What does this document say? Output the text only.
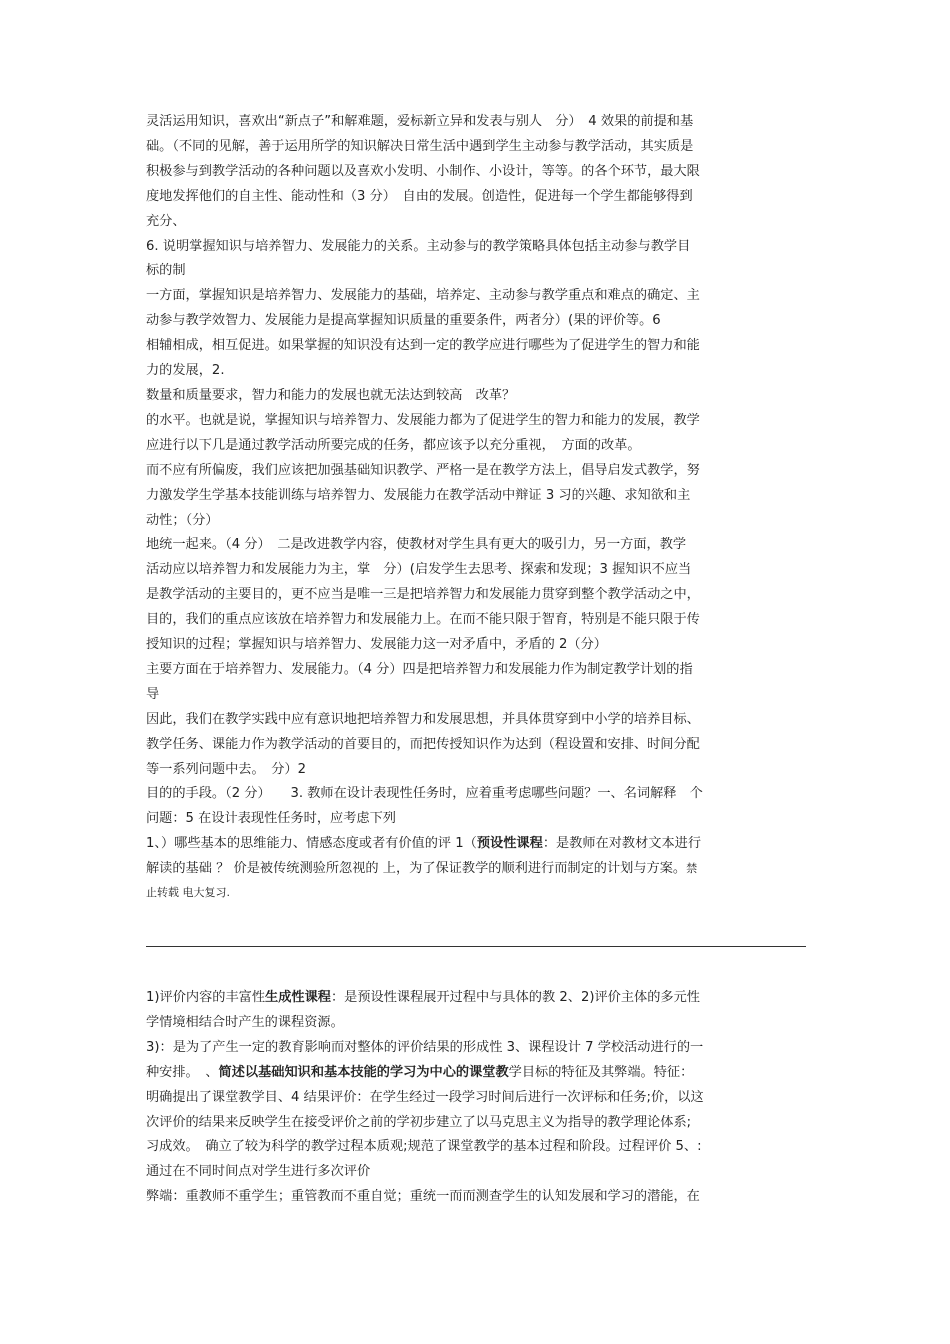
灵活运用知识，喜欢出“新点子”和解难题，爱标新立异和发表与别人　分）　4 效果的前提和基
础。（不同的见解，善于运用所学的知识解决日常生活中遇到学生主动参与教学活动，其实质是
积极参与到教学活动的各种问题以及喜欢小发明、小制作、小设计，等等。的各个环节，最大限
度地发挥他们的自主性、能动性和（3 分）　自由的发展。创造性，促进每一个学生都能够得到
充分、
6. 说明掌握知识与培养智力、发展能力的关系。主动参与的教学策略具体包括主动参与教学目
标的制
一方面，掌握知识是培养智力、发展能力的基础，培养定、主动参与教学重点和难点的确定、主
动参与教学效智力、发展能力是提高掌握知识质量的重要条件，两者分）(果的评价等。6
相辅相成，相互促进。如果掌握的知识没有达到一定的教学应进行哪些为了促进学生的智力和能
力的发展，2.
数量和质量要求，智力和能力的发展也就无法达到较高　改革？
的水平。也就是说，掌握知识与培养智力、发展能力都为了促进学生的智力和能力的发展，教学
应进行以下几是通过教学活动所要完成的任务，都应该予以充分重视，　方面的改革。
而不应有所偏废，我们应该把加强基础知识教学、严格一是在教学方法上，倡导启发式教学，努
力激发学生学基本技能训练与培养智力、发展能力在教学活动中辩证 3 习的兴趣、求知欲和主
动性；（分）
地统一起来。（4 分）　二是改进教学内容，使教材对学生具有更大的吸引力，另一方面，教学
活动应以培养智力和发展能力为主，掌　分）(启发学生去思考、探索和发现；3 握知识不应当
是教学活动的主要目的，更不应当是唯一三是把培养智力和发展能力贯穿到整个教学活动之中，
目的，我们的重点应该放在培养智力和发展能力上。在而不能只限于智育，特别是不能只限于传
授知识的过程；掌握知识与培养智力、发展能力这一对矛盾中，矛盾的 2（分）
主要方面在于培养智力、发展能力。（4 分）四是把培养智力和发展能力作为制定教学计划的指
导
因此，我们在教学实践中应有意识地把培养智力和发展思想，并具体贯穿到中小学的培养目标、
教学任务、课能力作为教学活动的首要目的，而把传授知识作为达到（程设置和安排、时间分配
等一系列问题中去。　分）2
目的的手段。（2 分）　　3. 教师在设计表现性任务时，应着重考虑哪些问题？一、名词解释　个
问题：5 在设计表现性任务时，应考虑下列
1、）哪些基本的思维能力、情感态度或者有价值的评 1（预设性课程：是教师在对教材文本进行
解读的基础 ？ 价是被传统测验所忽视的 上，为了保证教学的顺利进行而制定的计划与方案。禁
止转载 电大复习.
1)评价内容的丰富性生成性课程：是预设性课程展开过程中与具体的教 2、2)评价主体的多元性
学情境相结合时产生的课程资源。
3)：是为了产生一定的教育影响而对整体的评价结果的形成性 3、课程设计 7 学校活动进行的一
种安排。　、简述以基础知识和基本技能的学习为中心的课堂教学目标的特征及其弊端。特征：
明确提出了课堂教学目、4 结果评价：在学生经过一段学习时间后进行一次评标和任务;价，以这
次评价的结果来反映学生在接受评价之前的学初步建立了以马克思主义为指导的教学理论体系;
习成效。　确立了较为科学的教学过程本质观;规范了课堂教学的基本过程和阶段。过程评价 5、:
通过在不同时间点对学生进行多次评价
弊端：重教师不重学生；重管教而不重自觉；重统一而而测查学生的认知发展和学习的潜能，在
